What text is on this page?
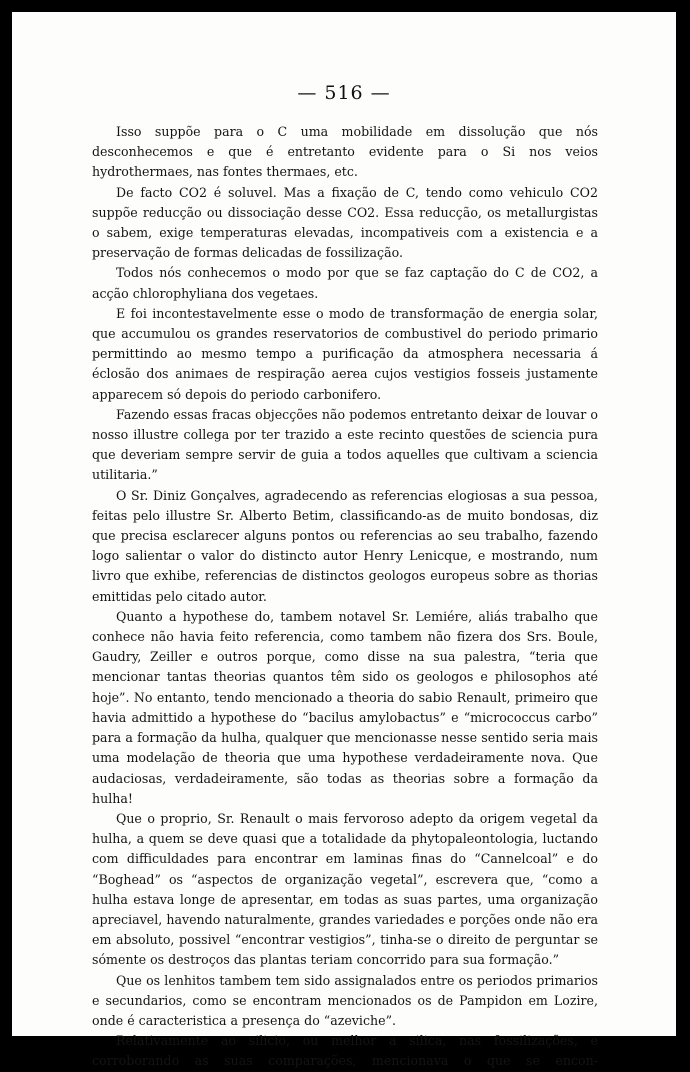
— 516 —

Isso suppõe para o C uma mobilidade em dissolução que nós desconhecemos e que é entretanto evidente para o Si nos veios hydrothermaes, nas fontes thermaes, etc.

De facto CO2 é soluvel. Mas a fixação de C, tendo como vehiculo CO2 suppõe reducção ou dissociação desse CO2. Essa reducção, os metallurgistas o sabem, exige temperaturas elevadas, incompativeis com a existencia e a preservação de formas delicadas de fossilização.

Todos nós conhecemos o modo por que se faz captação do C de CO2, a acção chlorophyliana dos vegetaes.

E foi incontestavelmente esse o modo de transformação de energia solar, que accumulou os grandes reservatorios de combustivel do periodo primario permittindo ao mesmo tempo a purificação da atmosphera necessaria á éclosão dos animaes de respiração aerea cujos vestigios fosseis justamente apparecem só depois do periodo carbonifero.

Fazendo essas fracas objecções não podemos entretanto deixar de louvar o nosso illustre collega por ter trazido a este recinto questões de sciencia pura que deveriam sempre servir de guia a todos aquelles que cultivam a sciencia utilitaria.”

O Sr. Diniz Gonçalves, agradecendo as referencias elogiosas a sua pessoa, feitas pelo illustre Sr. Alberto Betim, classificando-as de muito bondosas, diz que precisa esclarecer alguns pontos ou referencias ao seu trabalho, fazendo logo salientar o valor do distincto autor Henry Lenicque, e mostrando, num livro que exhibe, referencias de distinctos geologos europeus sobre as thorias emittidas pelo citado autor.

Quanto a hypothese do, tambem notavel Sr. Lemiére, aliás trabalho que conhece não havia feito referencia, como tambem não fizera dos Srs. Boule, Gaudry, Zeiller e outros porque, como disse na sua palestra, “teria que mencionar tantas theorias quantos têm sido os geologos e philosophos até hoje”. No entanto, tendo mencionado a theoria do sabio Renault, primeiro que havia admittido a hypothese do “bacilus amylobactus” e “micrococcus carbo” para a formação da hulha, qualquer que mencionasse nesse sentido seria mais uma modelação de theoria que uma hypothese verdadeiramente nova. Que audaciosas, verdadeiramente, são todas as theorias sobre a formação da hulha!

Que o proprio, Sr. Renault o mais fervoroso adepto da origem vegetal da hulha, a quem se deve quasi que a totalidade da phytopaleontologia, luctando com difficuldades para encontrar em laminas finas do “Cannelcoal” e do “Boghead” os “aspectos de organização vegetal”, escrevera que, “como a hulha estava longe de apresentar, em todas as suas partes, uma organização apreciavel, havendo naturalmente, grandes variedades e porções onde não era em absoluto, possivel “encontrar vestigios”, tinha-se o direito de perguntar se sómente os destroços das plantas teriam concorrido para sua formação.”

Que os lenhitos tambem tem sido assignalados entre os periodos primarios e secundarios, como se encontram mencionados os de Pampidon em Lozire, onde é caracteristica a presença do “azeviche”.

Relativamente ao silicio, ou melhor a silica, nas fossilizações, e corroborando as suas comparações, mencionava o que se encon-
